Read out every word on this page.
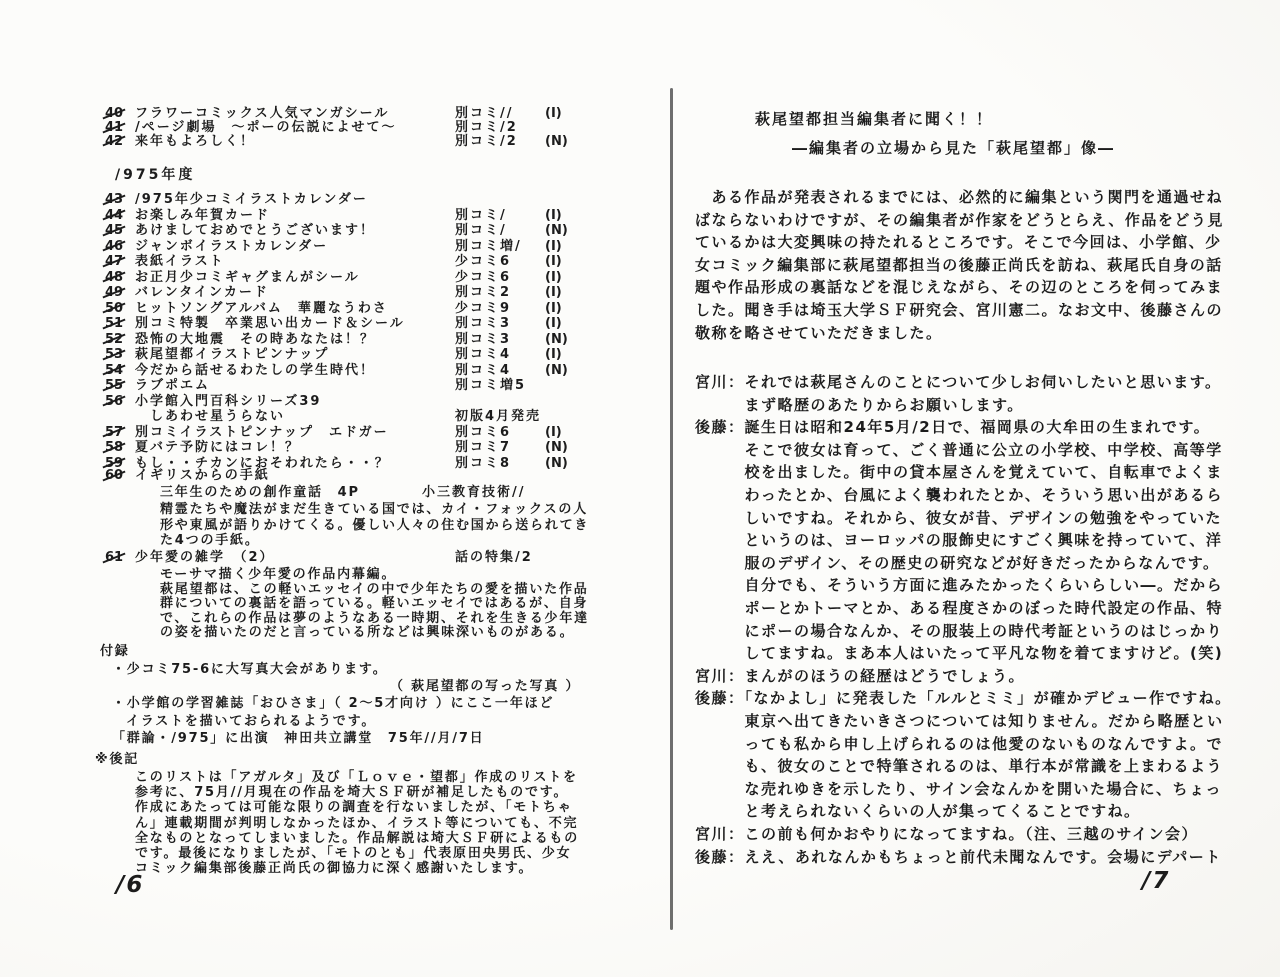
40 フラワーコミックス人気マンガシール	別コミ// (I)
41 /ページ劇場　～ポーの伝説によせて～	別コミ/2
42 来年もよろしく！	別コミ/2 (N)
/975年度
43 /975年少コミイラストカレンダー
44 お楽しみ年賀カード	別コミ/	(I)
45 あけましておめでとうございます！	別コミ/	(N)
46 ジャンボイラストカレンダー	別コミ増/ (I)
47 表紙イラスト	少コミ6	(I)
48 お正月少コミギャグまんがシール	少コミ6	(I)
49 バレンタインカード	別コミ2	(I)
50 ヒットソングアルバム　華麗なうわさ	少コミ9	(I)
51 別コミ特製　卒業思い出カード＆シール	別コミ3	(I)
52 恐怖の大地震　その時あなたは！？	別コミ3	(N)
53 萩尾望都イラストピンナップ	別コミ4	(I)
54 今だから話せるわたしの学生時代！	別コミ4	(N)
55 ラブポエム	別コミ増5
56 小学館入門百科シリーズ39
　しあわせ星うらない	初版4月発売
57 別コミイラストピンナップ　エドガー	別コミ6	(I)
58 夏バテ予防にはコレ！？	別コミ7	(N)
59 もし・・チカンにおそわれたら・・？	別コミ8	(N)
60 イギリスからの手紙
三年生のための創作童話　4P	小三教育技術//
精霊たちや魔法がまだ生きている国では、カイ・フォックスの人
形や東風が語りかけてくる。優しい人々の住む国から送られてき
た4つの手紙。
61 少年愛の雑学　（2）	話の特集/2
モーサマ描く少年愛の作品内幕編。
萩尾望都は、この軽いエッセイの中で少年たちの愛を描いた作品
群についての裏話を語っている。軽いエッセイではあるが、自身
で、これらの作品は夢のようなある一時期、それを生きる少年達
の姿を描いたのだと言っている所などは興味深いものがある。
付録
・少コミ75-6に大写真大会があります。
（ 萩尾望都の写った写真 ）
・小学館の学習雑誌「おひさま」（ 2～5才向け ）にここ一年ほど
イラストを描いておられるようです。
「群論・/975」に出演　神田共立講堂　75年//月/7日
※後記
このリストは「アガルタ」及び「Ｌｏｖｅ・望都」作成のリストを
参考に、75月//月現在の作品を埼大ＳＦ研が補足したものです。
作成にあたっては可能な限りの調査を行ないましたが、「モトちゃ
ん」連載期間が判明しなかったほか、イラスト等についても、不完
全なものとなってしまいました。作品解説は埼大ＳＦ研によるもの
です。最後になりましたが、「モトのとも」代表原田央男氏、少女
コミック編集部後藤正尚氏の御協力に深く感謝いたします。
/6
萩尾望都担当編集者に聞く！！
―編集者の立場から見た「萩尾望都」像―
　ある作品が発表されるまでには、必然的に編集という関門を通過せね
ばならないわけですが、その編集者が作家をどうとらえ、作品をどう見
ているかは大変興味の持たれるところです。そこで今回は、小学館、少
女コミック編集部に萩尾望都担当の後藤正尚氏を訪ね、萩尾氏自身の話
題や作品形成の裏話などを混じえながら、その辺のところを伺ってみま
した。聞き手は埼玉大学ＳＦ研究会、宮川憲二。なお文中、後藤さんの
敬称を略させていただきました。
宮川：それでは萩尾さんのことについて少しお伺いしたいと思います。
　　　まず略歴のあたりからお願いします。
後藤：誕生日は昭和24年5月/2日で、福岡県の大牟田の生まれです。
　　　そこで彼女は育って、ごく普通に公立の小学校、中学校、高等学
　　　校を出ました。街中の貸本屋さんを覚えていて、自転車でよくま
　　　わったとか、台風によく襲われたとか、そういう思い出があるら
　　　しいですね。それから、彼女が昔、デザインの勉強をやっていた
　　　というのは、ヨーロッパの服飾史にすごく興味を持っていて、洋
　　　服のデザイン、その歴史の研究などが好きだったからなんです。
　　　自分でも、そういう方面に進みたかったくらいらしい―。だから
　　　ポーとかトーマとか、ある程度さかのぼった時代設定の作品、特
　　　にポーの場合なんか、その服装上の時代考証というのはじっかり
　　　してますね。まあ本人はいたって平凡な物を着てますけど。(笑)
宮川：まんがのほうの経歴はどうでしょう。
後藤：「なかよし」に発表した「ルルとミミ」が確かデビュー作ですね。
　　　東京へ出てきたいきさつについては知りません。だから略歴とい
　　　っても私から申し上げられるのは他愛のないものなんですよ。で
　　　も、彼女のことで特筆されるのは、単行本が常識を上まわるよう
　　　な売れゆきを示したり、サイン会なんかを開いた場合に、ちょっ
　　　と考えられないくらいの人が集ってくることですね。
宮川：この前も何かおやりになってますね。（注、三越のサイン会）
後藤：ええ、あれなんかもちょっと前代未聞なんです。会場にデパート
/7
